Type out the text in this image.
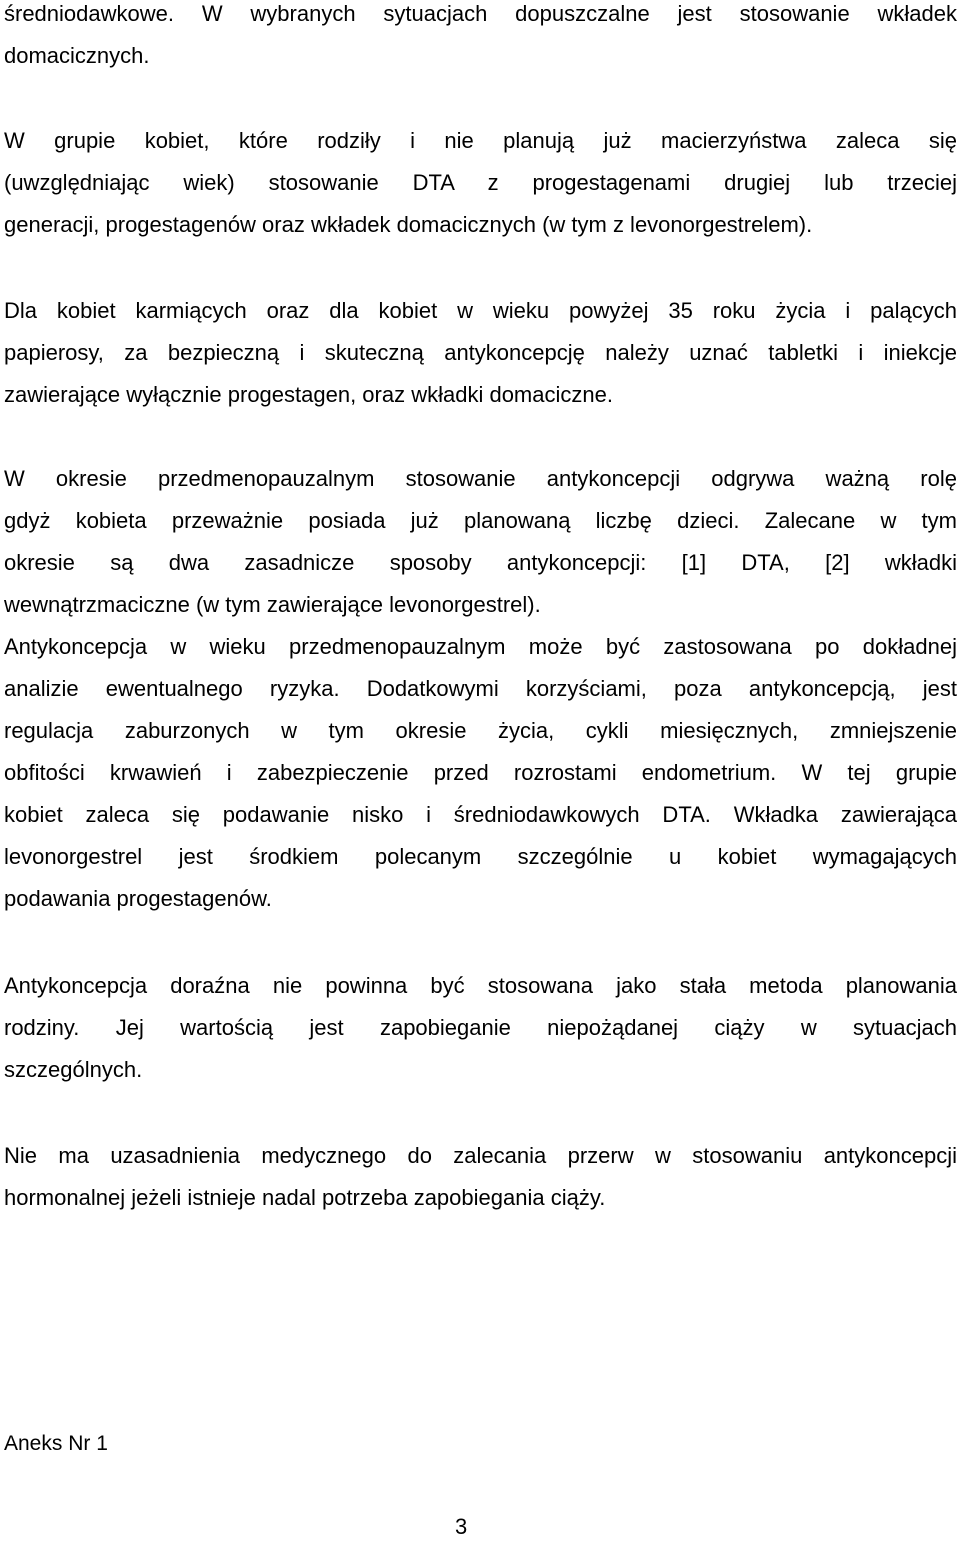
średniodawkowe. W wybranych sytuacjach dopuszczalne jest stosowanie wkładek
domacicznych.
W grupie kobiet, które rodziły i nie planują już macierzyństwa zaleca się
(uwzględniając wiek) stosowanie DTA z progestagenami drugiej lub trzeciej
generacji, progestagenów oraz wkładek domacicznych (w tym z levonorgestrelem).
Dla kobiet karmiących oraz dla kobiet w wieku powyżej 35 roku życia i palących
papierosy, za bezpieczną i skuteczną antykoncepcję należy uznać tabletki i iniekcje
zawierające wyłącznie progestagen, oraz wkładki domaciczne.
W okresie przedmenopauzalnym stosowanie antykoncepcji odgrywa ważną rolę
gdyż kobieta przeważnie posiada już planowaną liczbę dzieci. Zalecane w tym
okresie są dwa zasadnicze sposoby antykoncepcji: [1] DTA, [2] wkładki
wewnątrzmaciczne (w tym zawierające levonorgestrel).
Antykoncepcja w wieku przedmenopauzalnym może być zastosowana po dokładnej
analizie ewentualnego ryzyka. Dodatkowymi korzyściami, poza antykoncepcją, jest
regulacja zaburzonych w tym okresie życia, cykli miesięcznych, zmniejszenie
obfitości krwawień i zabezpieczenie przed rozrostami endometrium. W tej grupie
kobiet zaleca się podawanie nisko i średniodawkowych DTA. Wkładka zawierająca
levonorgestrel jest środkiem polecanym szczególnie u kobiet wymagających
podawania progestagenów.
Antykoncepcja doraźna nie powinna być stosowana jako stała metoda planowania
rodziny. Jej wartością jest zapobieganie niepożądanej ciąży w sytuacjach
szczególnych.
Nie ma uzasadnienia medycznego do zalecania przerw w stosowaniu antykoncepcji
hormonalnej jeżeli istnieje nadal potrzeba zapobiegania ciąży.
Aneks Nr 1
3
